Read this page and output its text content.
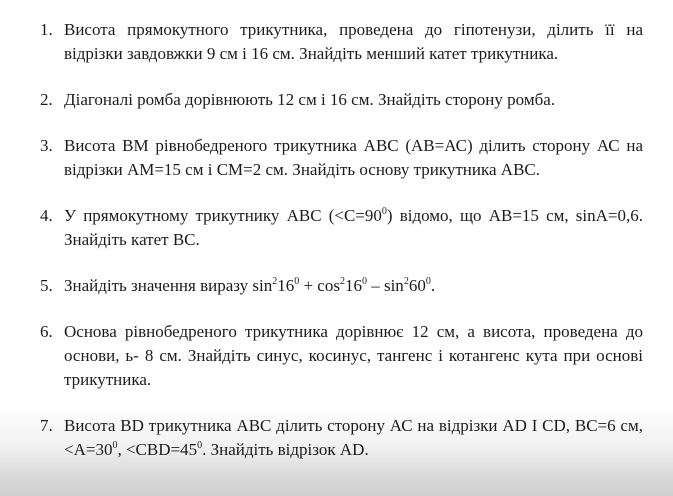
1. Висота прямокутного трикутника, проведена до гіпотенузи, ділить її на відрізки завдовжки 9 см і 16 см. Знайдіть менший катет трикутника.
2. Діагоналі ромба дорівнюють 12 см і 16 см. Знайдіть сторону ромба.
3. Висота ВМ рівнобедреного трикутника АВС (АВ=АС) ділить сторону АС на відрізки АМ=15 см і СМ=2 см. Знайдіть основу трикутника АВС.
4. У прямокутному трикутнику АВС $(<С=90^0)$ відомо, що АВ=15 см, sinA=0,6. Знайдіть катет ВС.
5. Знайдіть значення виразу $\sin^216^0 + \cos^216^0 - \sin^260^0$.
6. Основа рівнобедреного трикутника дорівнює 12 см, а висота, проведена до основи, ь- 8 см. Знайдіть синус, косинус, тангенс і котангенс кута при основі трикутника.
7. Висота BD трикутника АВС ділить сторону АС на відрізки AD I CD, ВС=6 см, $<А=30^0$, $<CBD=45^0$. Знайдіть відрізок AD.
